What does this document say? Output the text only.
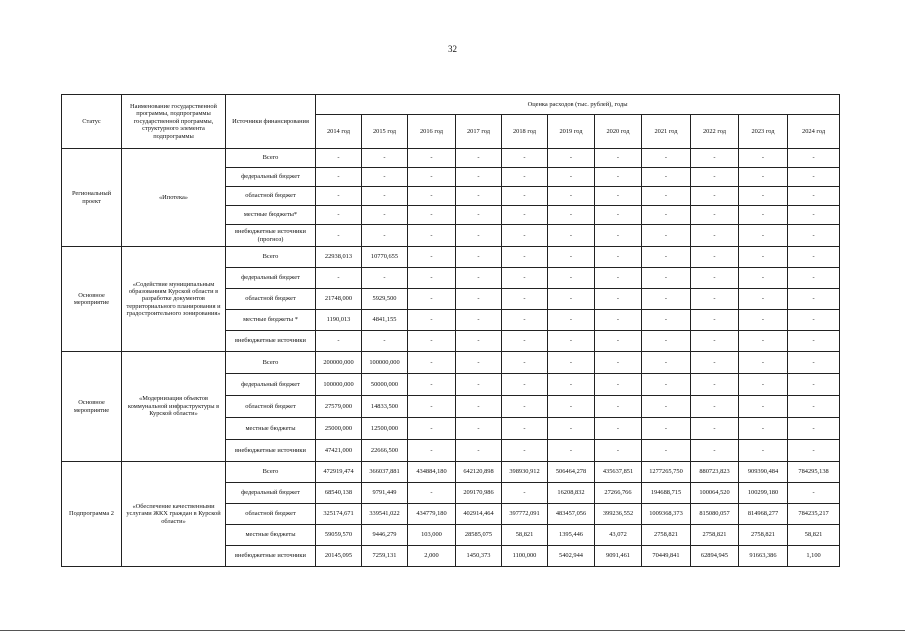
32
Статус	Наименование государственной программы, подпрограммы государственной программы, структурного элемента подпрограммы	Источники финансирования	Оценка расходов (тыс. рублей), годы										
			2014 год	2015 год	2016 год	2017 год	2018 год	2019 год	2020 год	2021 год	2022 год	2023 год	2024 год
Региональный проект	«Ипотека»	Всего	-	-	-	-	-	-	-	-	-	-	-
		федеральный бюджет	-	-	-	-	-	-	-	-	-	-	-
		областной бюджет	-	-	-	-	-	-	-	-	-	-	-
		местные бюджеты*	-	-	-	-	-	-	-	-	-	-	-
		внебюджетные источники (прогноз)	-	-	-	-	-	-	-	-	-	-	-
Основное мероприятие	«Содействие муниципальным образованиям Курской области в разработке документов территориального планирования и градостроительного зонирования»	Всего	22938,013	10770,655	-	-	-	-	-	-	-	-	-
		федеральный бюджет	-	-	-	-	-	-	-	-	-	-	-
		областной бюджет	21748,000	5929,500	-	-	-	-	-	-	-	-	-
		местные бюджеты *	1190,013	4841,155	-	-	-	-	-	-	-	-	-
		внебюджетные источники	-	-	-	-	-	-	-	-	-	-	-
Основное мероприятие	«Модернизация объектов коммунальной инфраструктуры в Курской области»	Всего	200000,000	100000,000	-	-	-	-	-	-	-	-	-
		федеральный бюджет	100000,000	50000,000	-	-	-	-	-	-	-	-	-
		областной бюджет	27579,000	14833,500	-	-	-	-	-	-	-	-	-
		местные бюджеты	25000,000	12500,000	-	-	-	-	-	-	-	-	-
		внебюджетные источники	47421,000	22666,500	-	-	-	-	-	-	-	-	-
Подпрограмма 2	«Обеспечение качественными услугами ЖКХ граждан в Курской области»	Всего	472919,474	366037,881	434884,180	642120,898	398930,912	506464,278	435637,851	1277265,750	880723,823	909390,484	784295,138
		федеральный бюджет	68540,138	9791,449	-	209170,986	-	16208,832	27266,766	194688,715	100064,520	100299,180	-
		областной бюджет	325174,671	339541,022	434779,180	402914,464	397772,091	483457,056	399236,552	1009368,373	815080,057	814968,277	784235,217
		местные бюджеты	59059,570	9446,279	103,000	28585,075	58,821	1395,446	43,072	2758,821	2758,821	2758,821	58,821
		внебюджетные источники	20145,095	7259,131	2,000	1450,373	1100,000	5402,944	9091,461	70449,841	62894,945	91663,386	1,100
